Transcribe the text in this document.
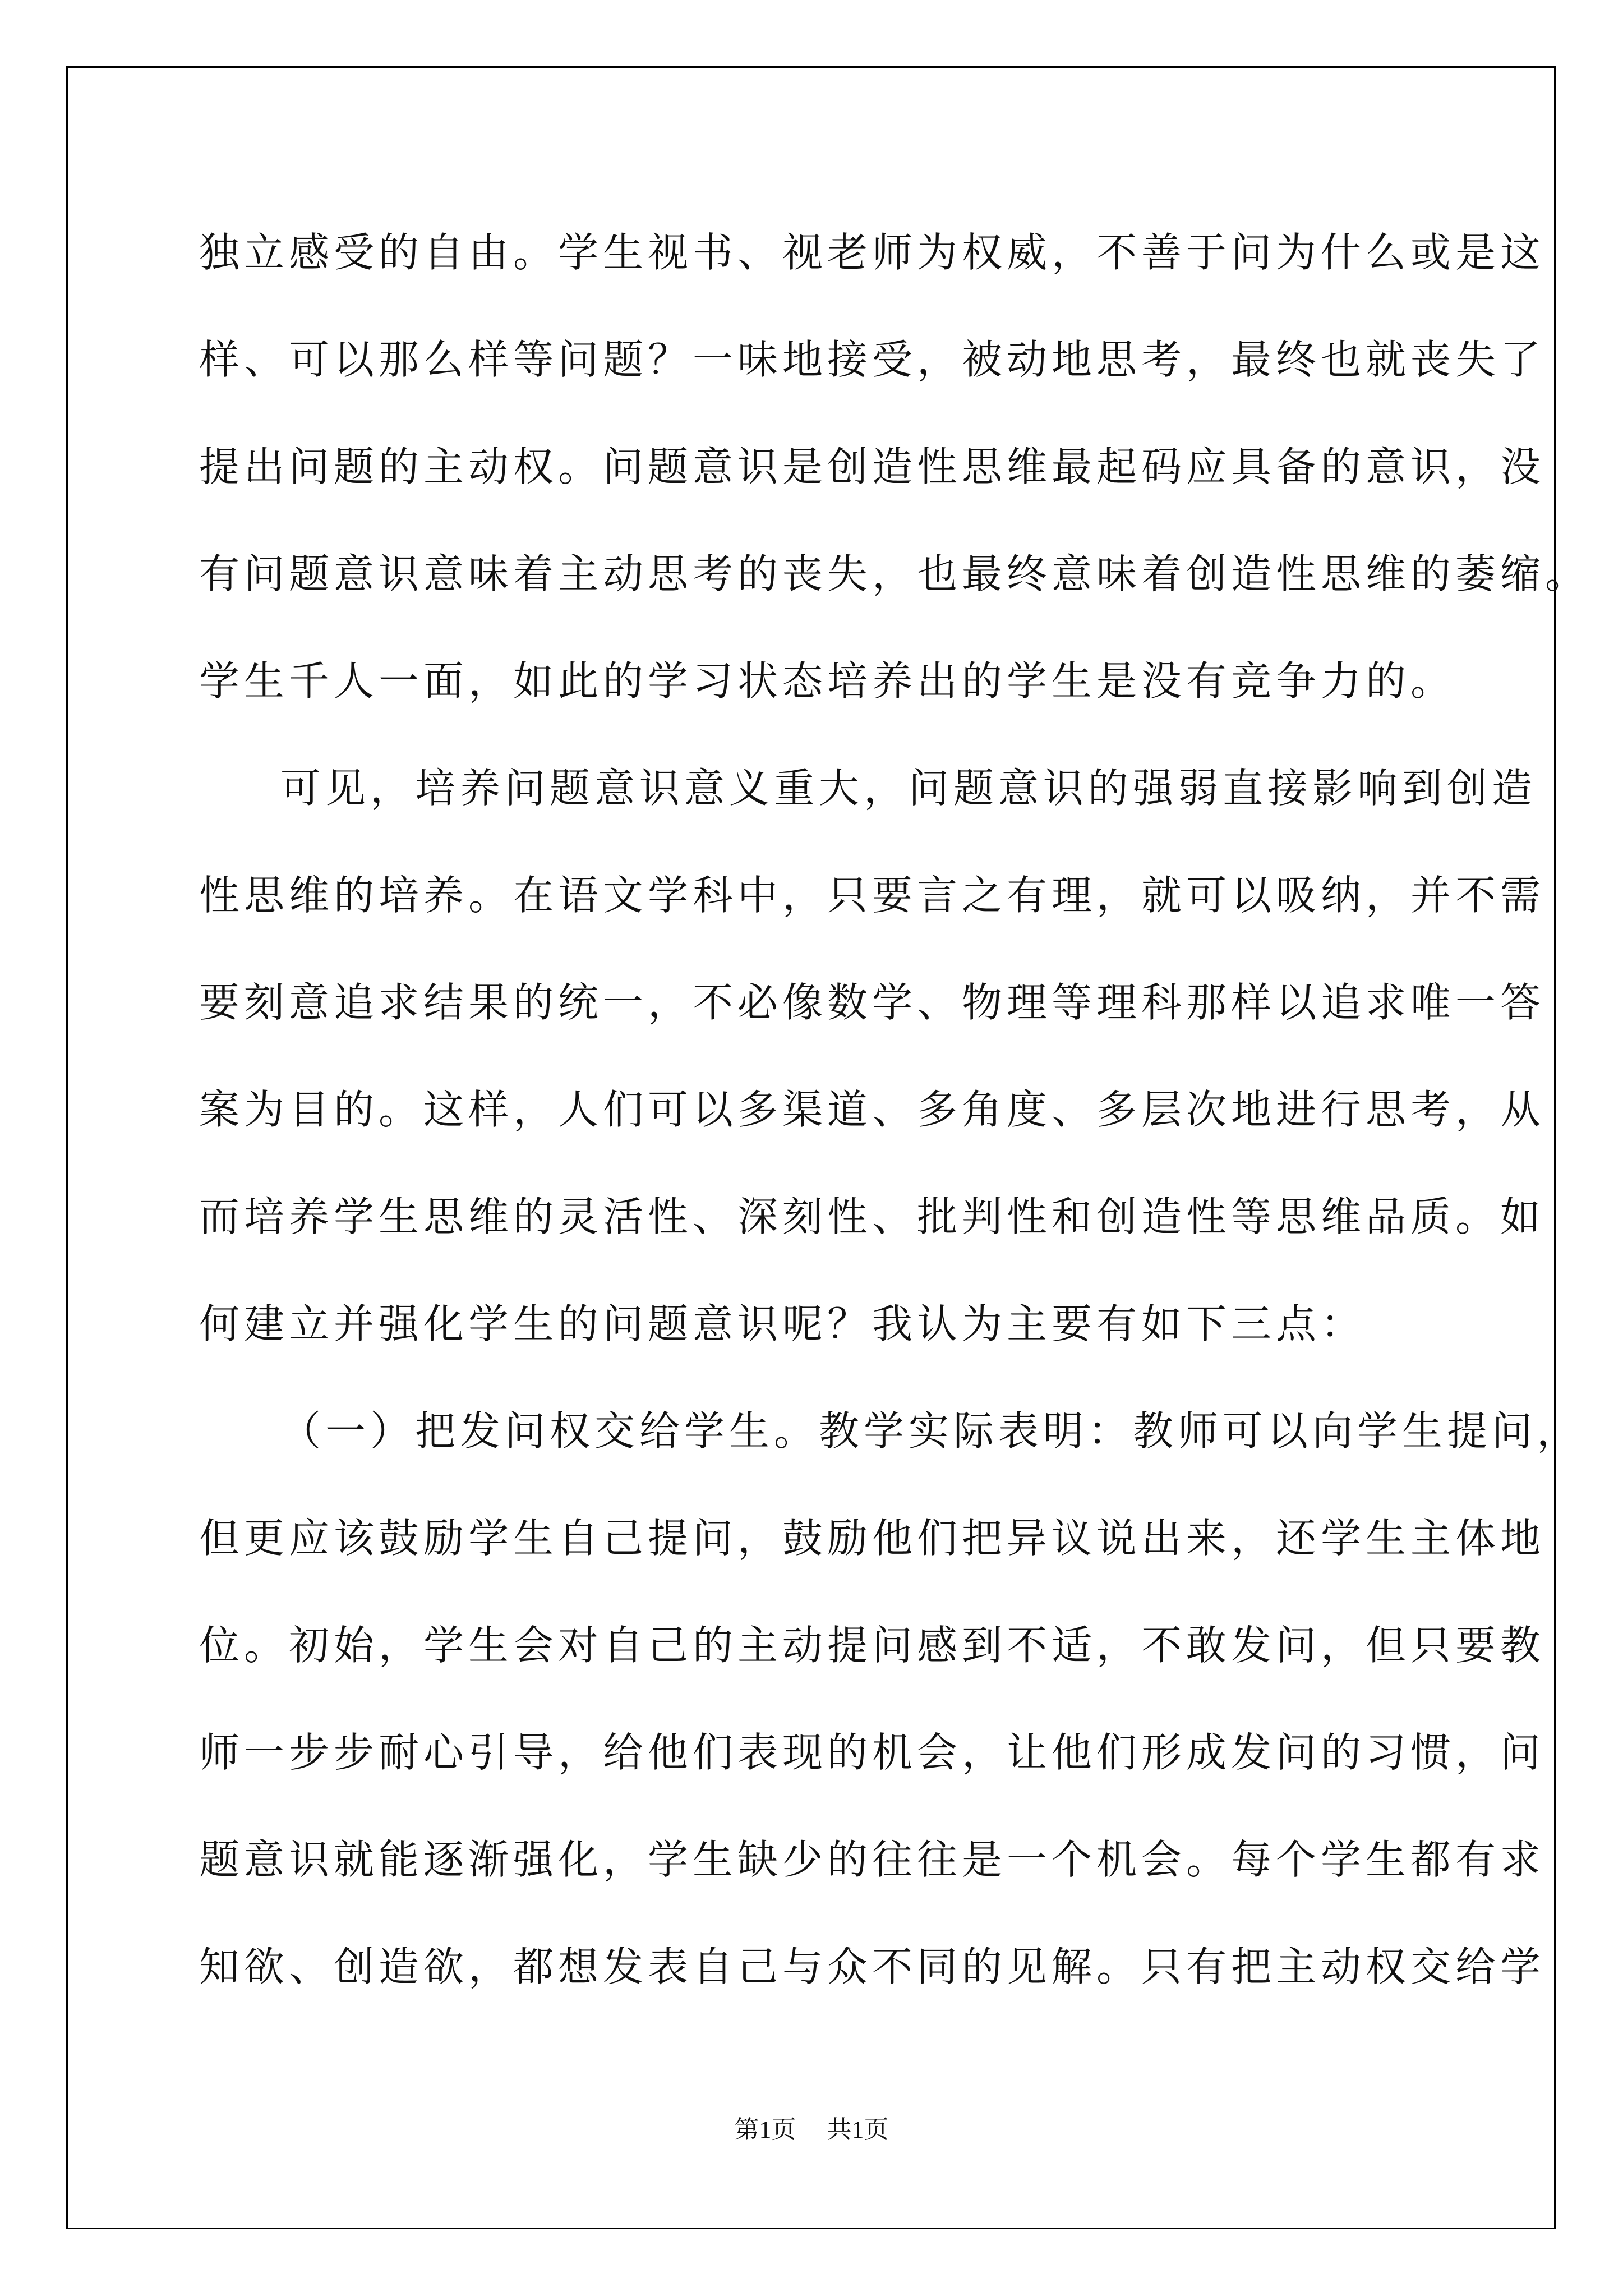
独立感受的自由。学生视书、视老师为权威，不善于问为什么或是这
样、可以那么样等问题？一味地接受，被动地思考，最终也就丧失了
提出问题的主动权。问题意识是创造性思维最起码应具备的意识，没
有问题意识意味着主动思考的丧失，也最终意味着创造性思维的萎缩。
学生千人一面，如此的学习状态培养出的学生是没有竞争力的。
可见，培养问题意识意义重大，问题意识的强弱直接影响到创造
性思维的培养。在语文学科中，只要言之有理，就可以吸纳，并不需
要刻意追求结果的统一，不必像数学、物理等理科那样以追求唯一答
案为目的。这样，人们可以多渠道、多角度、多层次地进行思考，从
而培养学生思维的灵活性、深刻性、批判性和创造性等思维品质。如
何建立并强化学生的问题意识呢？我认为主要有如下三点：
（一）把发问权交给学生。教学实际表明：教师可以向学生提问，
但更应该鼓励学生自己提问，鼓励他们把异议说出来，还学生主体地
位。初始，学生会对自己的主动提问感到不适，不敢发问，但只要教
师一步步耐心引导，给他们表现的机会，让他们形成发问的习惯，问
题意识就能逐渐强化，学生缺少的往往是一个机会。每个学生都有求
知欲、创造欲，都想发表自己与众不同的见解。只有把主动权交给学
第1页 共1页
